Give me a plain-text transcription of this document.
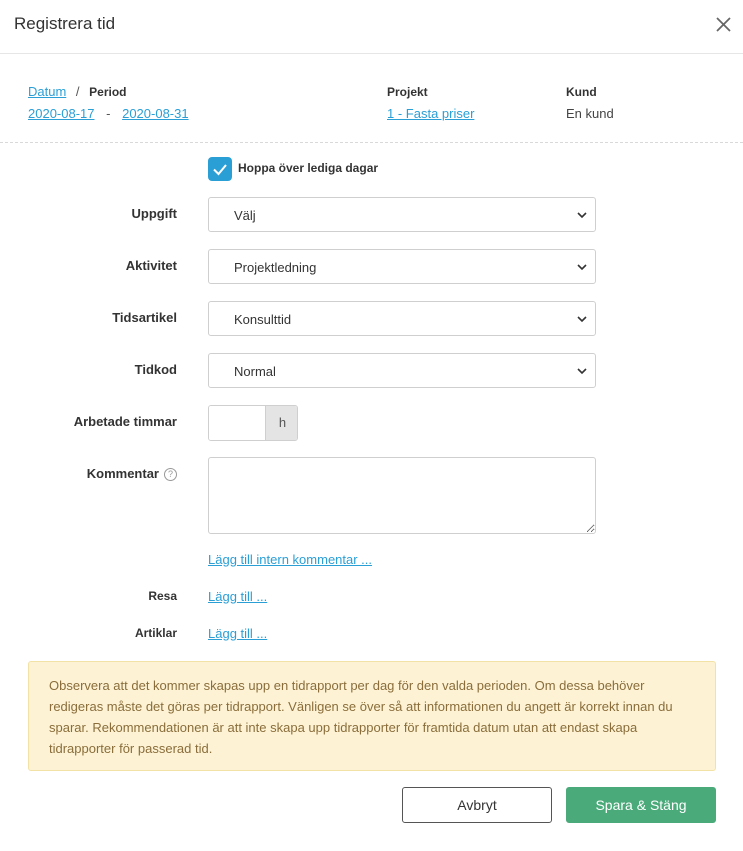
Registrera tid
Datum / Period
2020-08-17 - 2020-08-31
Projekt
1 - Fasta priser
Kund
En kund
Hoppa över lediga dagar
Uppgift	Välj
Aktivitet	Projektledning
Tidsartikel	Konsulttid
Tidkod	Normal
Arbetade timmar	h
Kommentar ?
Lägg till intern kommentar ...
Resa Lägg till ...
Artiklar Lägg till ...
Observera att det kommer skapas upp en tidrapport per dag för den valda perioden. Om dessa behöver redigeras måste det göras per tidrapport. Vänligen se över så att informationen du angett är korrekt innan du sparar. Rekommendationen är att inte skapa upp tidrapporter för framtida datum utan att endast skapa tidrapporter för passerad tid.
Avbryt	Spara & Stäng
